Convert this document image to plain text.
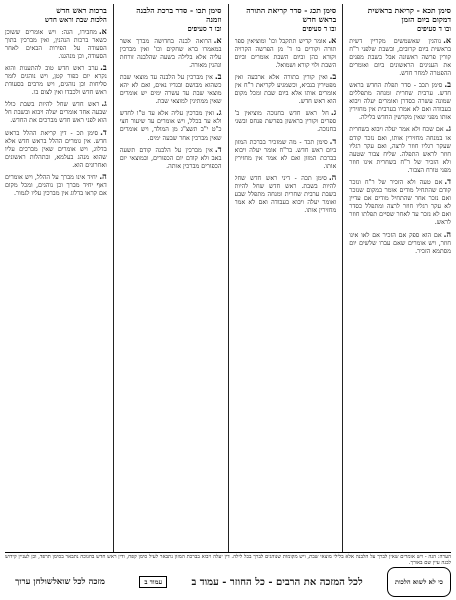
סימן תכא - קריאת בראשית דמקום ביום הזמן
ובו ד סעיפים
א.נוהגין שאשמשים מקריין דשית בראשית ביום קרובים, ובשבת שלפני ר"ח קורין פרשה ראשונה אבל בשבת מפנים את הענינים הראשונים ביום ואומרים ההפטרה למחר חדש.
ב.סימן תכב - סדר תפלת החדש בראש חדש. ערבית שחרית ומנחה מתפללים שמונה עשרה כסדרן ואומרים יעלה ויבוא בעבודה ואם לא אמרו בערבית אין מחזירין אותו מפני שאין מקדשין החדש בלילה.
ג.אם שכח ולא אמר יעלה ויבוא בשחרית או במנחה מחזירין אותו, ואם נזכר קודם שעקר רגליו חוזר לרצה, ואם עקר רגליו חוזר לראש התפלה. שליח צבור שטעה ולא הזכיר של ר"ח בשחרית אינו חוזר מפני טורח הצבור.
ד.אם טעה ולא הזכיר של ר"ח ונזכר קודם שהתחיל מודים אומר במקום שנזכר ואם נזכר אחר שהתחיל מודים אם עדיין לא עקר רגליו חוזר לרצה ומתפלל כסדר ואם לא נזכר עד לאחר שסיים תפלתו חוזר לראש.
ה.אם הוא ספק אם הזכיר אם לאו אינו חוזר, ויש אומרים שאם עברו שלשים יום מסתמא הזכיר.
סימן תכג - סדר קריאת התורה בראש חדש
ובו ד סעיפים
א.אומר קדיש תתקבל וכו' ומוציאין ספר תורה וקורים בו ד' מן הפרשה הקרויה וקורא כהן וביום השבת אומרים וביום השבת ולוי קורא ושמואל.
ב.ואין קורין בתורה אלא ארבעה ואין מפטירין בנביא, וכשמגיע לקריאת ר"ח אין אומרים אותו אלא ביום שבת ומכל מקום הוא ראש חדש.
ג.חל ראש חדש בחנוכה מוציאין ב' ספרים וקורין בראשון בפרשת פנחס ובשני בחנוכה.
ד.סימן תכד - מה שמזכיר בברכת המזון ביום ראש חדש. בר"ח אומר יעלה ויבוא בברכת המזון ואם לא אמר אין מחזירין אותו.
ה.סימן תכה - דיני ראש חדש שחל להיות בשבת. ראש חדש שחל להיות בשבת ערבית שחרית ומנחה מתפלל שבע ואומר יעלה ויבוא בעבודה ואם לא אמר מחזירין אותו.
סימן תכו - סדר ברכת הלבנה וזמנה
ובו ד סעיפים
א.הרואה לבנה בחדושה מברך אשר במאמרו ברא שחקים וכו' ואין מברכין עליה אלא בלילה בשעה שהלבנה זורחת ונהנין מאורה.
ב.אין מברכין על הלבנה עד מוצאי שבת כשהוא מבושם ובגדיו נאים, ואם לא יהא מוצאי שבת עד עשרה ימים יש אומרים שאין ממתינין למוצאי שבת.
ג.ואין מברכין עליה אלא עד ט"ו לחדש ולא עד בכלל, ויש אומרים עד שיעור חצי כ"ט י"ב תשצ"ג מן המולד, ויש אומרים שאין מברכין אחר שבעה ימים.
ד.אין מברכין על הלבנה קודם תשעה באב ולא קודם יום הכפורים, ובמוצאי יום הכפורים מברכין אותה.
ברכות ראש חדש
הלכות שבת וראש חדש
א.מחבירו, הגה: ויש אומרים ששוכן כשאר ברכות הנהנין, ואין מברכין בתוך הסעודה על הפירות הבאים לאחר הסעודה, וכן מנהגנו.
ב.ערב ראש חדש טוב להתענות והוא נקרא יום כפור קטן, ויש נוהגים לומר סליחות וכן נוהגים, ויש מרבים בסעודת ראש חדש ולכבדו ואין לצום בו.
ג.ראש חדש שחל להיות בשבת כולל שבעה אחד אומרים יעלה ויבוא ובשבת חל הוא לפני ראש חדש מברכים את החדש.
ד.סימן תכ - דין קריאת ההלל בראש חדש. אין גומרים ההלל בראש חדש אלא בדלוג, ויש אומרים שאין מברכים עליו שהוא מנהג בעלמא, ובתהלות ראשונים ואחרונים הוא.
ה.יחיד אינו מברך על ההלל, ויש אומרים דאף יחיד מברך וכן נוהגים, ומכל מקום אם קראו בדלוג אין מברכין עליו לגמור.
הערה: הגה - ויש אומרים שאין לברך על הלבנה אלא בלילי מוצאי שבת, ויש מקומות שנוהגים לברך בכל לילה. דין יעלה ויבוא בברכת המזון נתבאר לעיל סימן קפח, ודין ראש חדש בחנוכה נתבאר בסימן תרפד, וכן לעניין קידוש לבנה עיין שם באורך.
כי לא לשוא הלכות
לכל המזכה את הרבים - כל החוזר - עמוד ב
עמוד ב
מזכה לכל שואל
שולחן ערוך
